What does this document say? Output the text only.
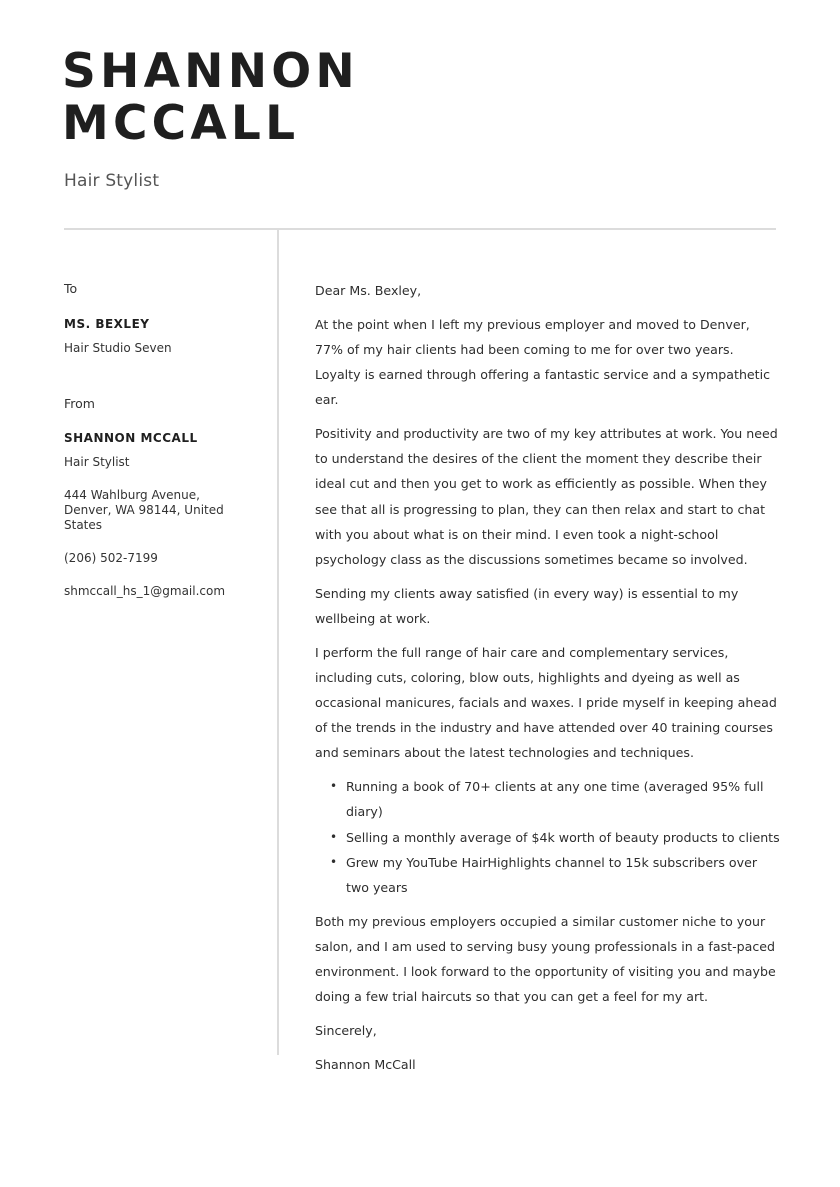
SHANNON
MCCALL
Hair Stylist
To
MS. BEXLEY
Hair Studio Seven
From
SHANNON MCCALL
Hair Stylist
444 Wahlburg Avenue, Denver, WA 98144, United States
(206) 502-7199
shmccall_hs_1@gmail.com

Dear Ms. Bexley,

At the point when I left my previous employer and moved to Denver, 77% of my hair clients had been coming to me for over two years. Loyalty is earned through offering a fantastic service and a sympathetic ear.

Positivity and productivity are two of my key attributes at work. You need to understand the desires of the client the moment they describe their ideal cut and then you get to work as efficiently as possible. When they see that all is progressing to plan, they can then relax and start to chat with you about what is on their mind. I even took a night-school psychology class as the discussions sometimes became so involved.

Sending my clients away satisfied (in every way) is essential to my wellbeing at work.

I perform the full range of hair care and complementary services, including cuts, coloring, blow outs, highlights and dyeing as well as occasional manicures, facials and waxes. I pride myself in keeping ahead of the trends in the industry and have attended over 40 training courses and seminars about the latest technologies and techniques.

• Running a book of 70+ clients at any one time (averaged 95% full diary)
• Selling a monthly average of $4k worth of beauty products to clients
• Grew my YouTube HairHighlights channel to 15k subscribers over two years

Both my previous employers occupied a similar customer niche to your salon, and I am used to serving busy young professionals in a fast-paced environment. I look forward to the opportunity of visiting you and maybe doing a few trial haircuts so that you can get a feel for my art.

Sincerely,

Shannon McCall
